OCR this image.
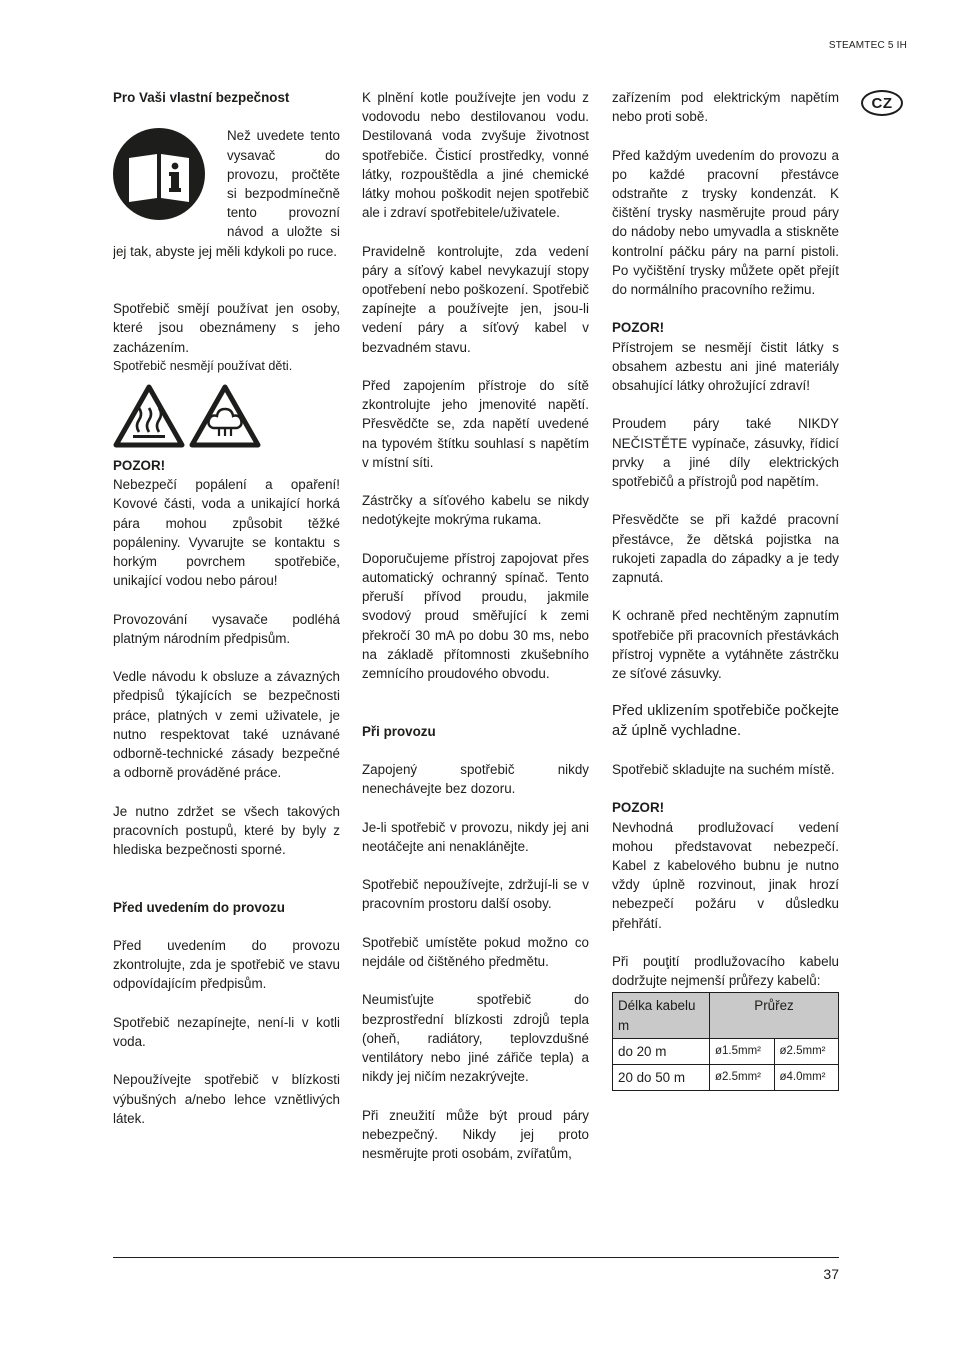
STEAMTEC 5 IH
CZ
Pro Vaši vlastní bezpečnost

Než uvedete tento vysavač do provozu, pročtěte si bezpodmínečně tento provozní návod a uložte si jej tak, abyste jej měli kdykoli po ruce.

Spotřebič smějí používat jen osoby, které jsou obeznámeny s jeho zacházením.

Spotřebič nesmějí používat děti.

POZOR!

Nebezpečí popálení a opaření! Kovové části, voda a unikající horká pára mohou způsobit těžké popáleniny. Vyvarujte se kontaktu s horkým povrchem spotřebiče, unikající vodou nebo párou!

Provozování vysavače podléhá platným národním předpisům.

Vedle návodu k obsluze a závazných předpisů týkajících se bezpečnosti práce, platných v zemi uživatele, je nutno respektovat také uznávané odborně-technické zásady bezpečné a odborně prováděné práce.

Je nutno zdržet se všech takových pracovních postupů, které by byly z hlediska bezpečnosti sporné.

Před uvedením do provozu

Před uvedením do provozu zkontrolujte, zda je spotřebič ve stavu odpovídajícím předpisům.

Spotřebič nezapínejte, není-li v kotli voda.

Nepoužívejte spotřebič v blízkosti výbušných a/nebo lehce vznětlivých látek.

K plnění kotle používejte jen vodu z vodovodu nebo destilovanou vodu. Destilovaná voda zvyšuje životnost spotřebiče. Čisticí prostředky, vonné látky, rozpouštědla a jiné chemické látky mohou poškodit nejen spotřebič ale i zdraví spotřebitele/uživatele.

Pravidelně kontrolujte, zda vedení páry a síťový kabel nevykazují stopy opotřebení nebo poškození. Spotřebič zapínejte a používejte jen, jsou-li vedení páry a síťový kabel v bezvadném stavu.

Před zapojením přístroje do sítě zkontrolujte jeho jmenovité napětí. Přesvědčte se, zda napětí uvedené na typovém štítku souhlasí s napětím v místní síti.

Zástrčky a síťového kabelu se nikdy nedotýkejte mokrýma rukama.

Doporučujeme přístroj zapojovat přes automatický ochranný spínač. Tento přeruší přívod proudu, jakmile svodový proud směřující k zemi překročí 30 mA po dobu 30 ms, nebo na základě přítomnosti zkušebního zemnícího proudového obvodu.

Při provozu

Zapojený spotřebič nikdy nenechávejte bez dozoru.

Je-li spotřebič v provozu, nikdy jej ani neotáčejte ani nenaklánějte.

Spotřebič nepoužívejte, zdržují-li se v pracovním prostoru další osoby.

Spotřebič umístěte pokud možno co nejdále od čištěného předmětu.

Neumisťujte spotřebič do bezprostřední blízkosti zdrojů tepla (oheň, radiátory, teplovzdušné ventilátory nebo jiné zářiče tepla) a nikdy jej ničím nezakrývejte.

Při zneužití může být proud páry nebezpečný. Nikdy jej proto nesměrujte proti osobám, zvířatům,

zařízením pod elektrickým napětím nebo proti sobě.

Před každým uvedením do provozu a po každé pracovní přestávce odstraňte z trysky kondenzát. K čištění trysky nasměrujte proud páry do nádoby nebo umyvadla a stiskněte kontrolní páčku páry na parní pistoli. Po vyčištění trysky můžete opět přejít do normálního pracovního režimu.

POZOR!

Přístrojem se nesmějí čistit látky s obsahem azbestu ani jiné materiály obsahující látky ohrožující zdraví!

Proudem páry také NIKDY NEČISTĚTE vypínače, zásuvky, řídicí prvky a jiné díly elektrických spotřebičů a přístrojů pod napětím.

Přesvědčte se při každé pracovní přestávce, že dětská pojistka na rukojeti zapadla do západky a je tedy zapnutá.

K ochraně před nechtěným zapnutím spotřebiče při pracovních přestávkách přístroj vypněte a vytáhněte zástrčku ze síťové zásuvky.

Před uklizením spotřebiče počkejte až úplně vychladne.

Spotřebič skladujte na suchém místě.

POZOR!

Nevhodná prodlužovací vedení mohou představovat nebezpečí. Kabel z kabelového bubnu je nutno vždy úplně rozvinout, jinak hrozí nebezpečí požáru v důsledku přehřátí.

Při pouţití prodlužovacího kabelu dodržujte nejmenší průřezy kabelů:

Délka kabelu m	Průřez	
do 20 m	ø1.5mm²	ø2.5mm²
20 do 50 m	ø2.5mm²	ø4.0mm²
37
